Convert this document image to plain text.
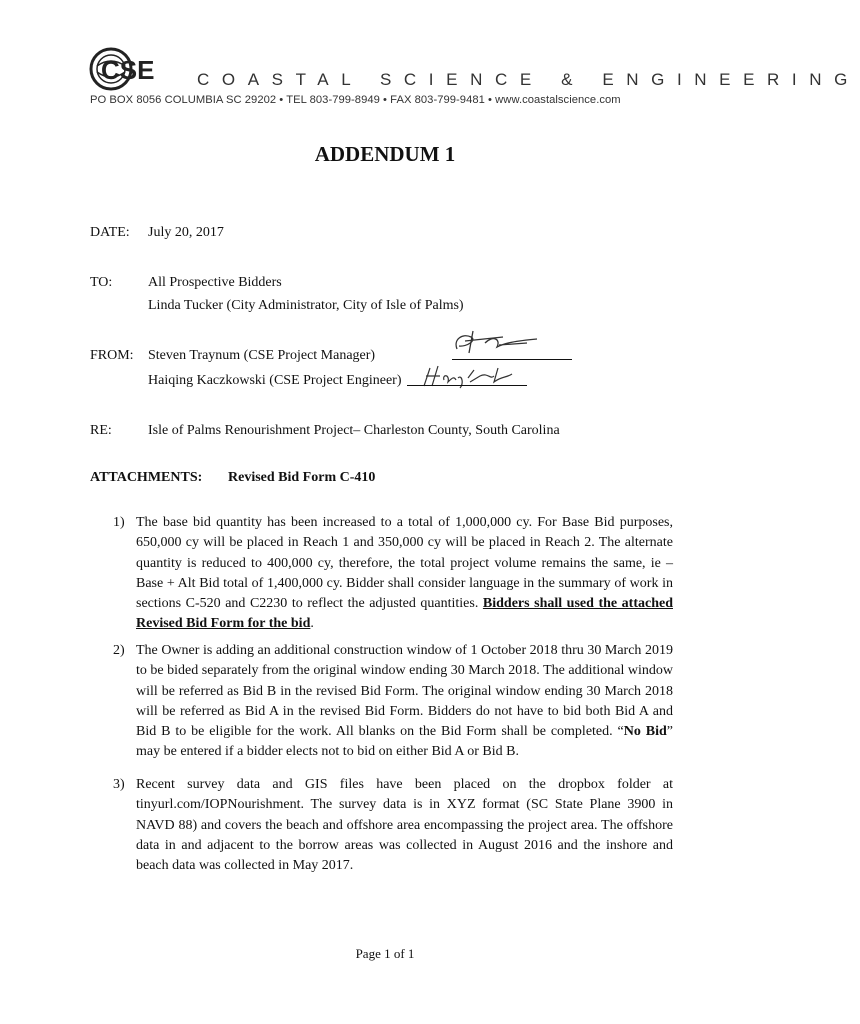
CSE	COASTAL SCIENCE & ENGINEERING
PO BOX 8056 COLUMBIA SC 29202 • TEL 803-799-8949 • FAX 803-799-9481 • www.coastalscience.com
ADDENDUM 1
DATE: July 20, 2017
TO:	All Prospective Bidders
Linda Tucker (City Administrator, City of Isle of Palms)
FROM: Steven Traynum (CSE Project Manager)
Haiqing Kaczkowski (CSE Project Engineer)
RE:	Isle of Palms Renourishment Project– Charleston County, South Carolina
ATTACHMENTS: Revised Bid Form C-410
1) The base bid quantity has been increased to a total of 1,000,000 cy. For Base Bid purposes, 650,000 cy will be placed in Reach 1 and 350,000 cy will be placed in Reach 2. The alternate quantity is reduced to 400,000 cy, therefore, the total project volume remains the same, ie – Base + Alt Bid total of 1,400,000 cy. Bidder shall consider language in the summary of work in sections C-520 and C2230 to reflect the adjusted quantities. Bidders shall used the attached Revised Bid Form for the bid.
2) The Owner is adding an additional construction window of 1 October 2018 thru 30 March 2019 to be bided separately from the original window ending 30 March 2018. The additional window will be referred as Bid B in the revised Bid Form. The original window ending 30 March 2018 will be referred as Bid A in the revised Bid Form. Bidders do not have to bid both Bid A and Bid B to be eligible for the work. All blanks on the Bid Form shall be completed. “No Bid” may be entered if a bidder elects not to bid on either Bid A or Bid B.
3) Recent survey data and GIS files have been placed on the dropbox folder at tinyurl.com/IOPNourishment. The survey data is in XYZ format (SC State Plane 3900 in NAVD 88) and covers the beach and offshore area encompassing the project area. The offshore data in and adjacent to the borrow areas was collected in August 2016 and the inshore and beach data was collected in May 2017.
Page 1 of 1
